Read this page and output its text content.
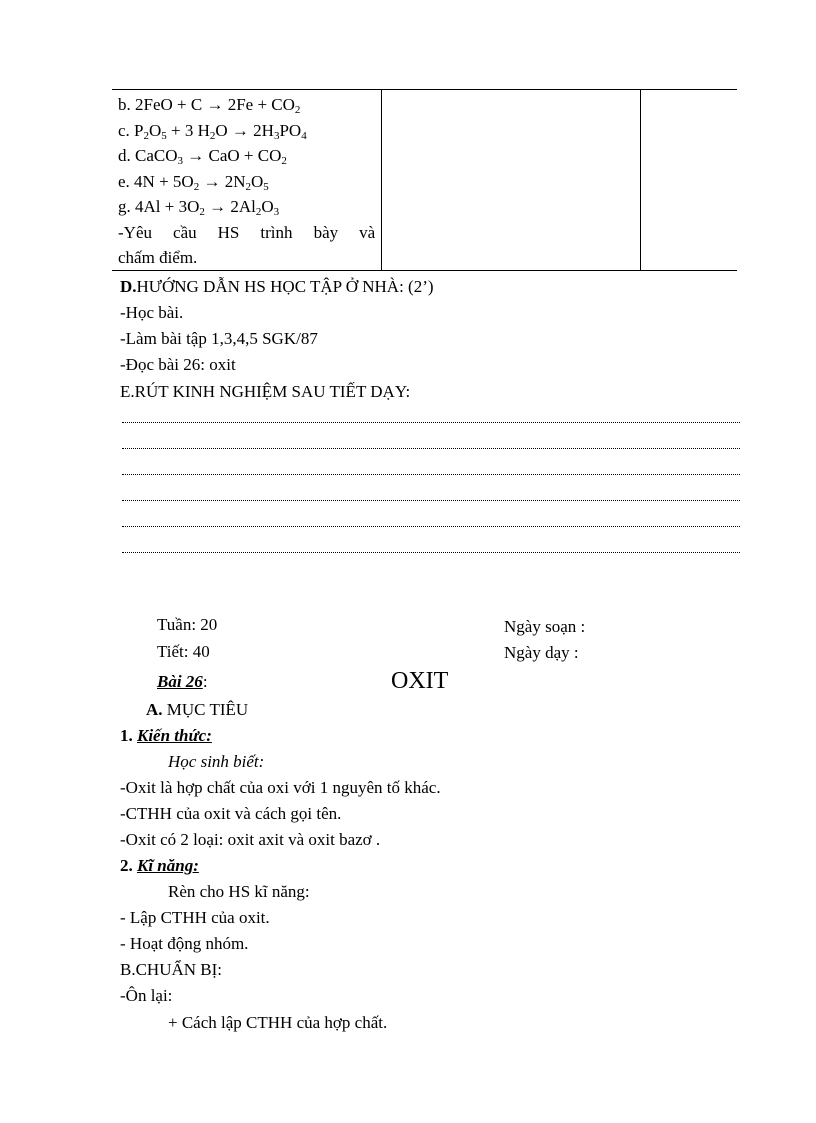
b. $2FeO + C \to 2Fe + CO_2$
c. $P_2O_5 + 3$ $H_2O \to 2H_3PO_4$
d. CaCO$_3$ → CaO + $CO_2$
e. $4N + 5O_2 \to 2N_2O_5$
g. $4Al + 3O_2 \to 2Al_2O_3$
-Yêu cầu HS trình bày và
chấm điểm.

D.HƯỚNG DẪN HS HỌC TẬP Ở NHÀ: (2’)
-Học bài.
-Làm bài tập 1,3,4,5 SGK/87
-Đọc bài 26: oxit
E.RÚT KINH NGHIỆM SAU TIẾT DẠY:
Tuần: 20
Tiết: 40
Ngày soạn :
Ngày dạy :
Bài 26:	OXIT
A. MỤC TIÊU
1. Kiến thức:
Học sinh biết:
-Oxit là hợp chất của oxi với 1 nguyên tố khác.
-CTHH của oxit và cách gọi tên.
-Oxit có 2 loại: oxit axit và oxit bazơ .
2. Kĩ năng:
Rèn cho HS kĩ năng:
- Lập CTHH của oxit.
- Hoạt động nhóm.
B.CHUẨN BỊ:
-Ôn lại:
+ Cách lập CTHH của hợp chất.
